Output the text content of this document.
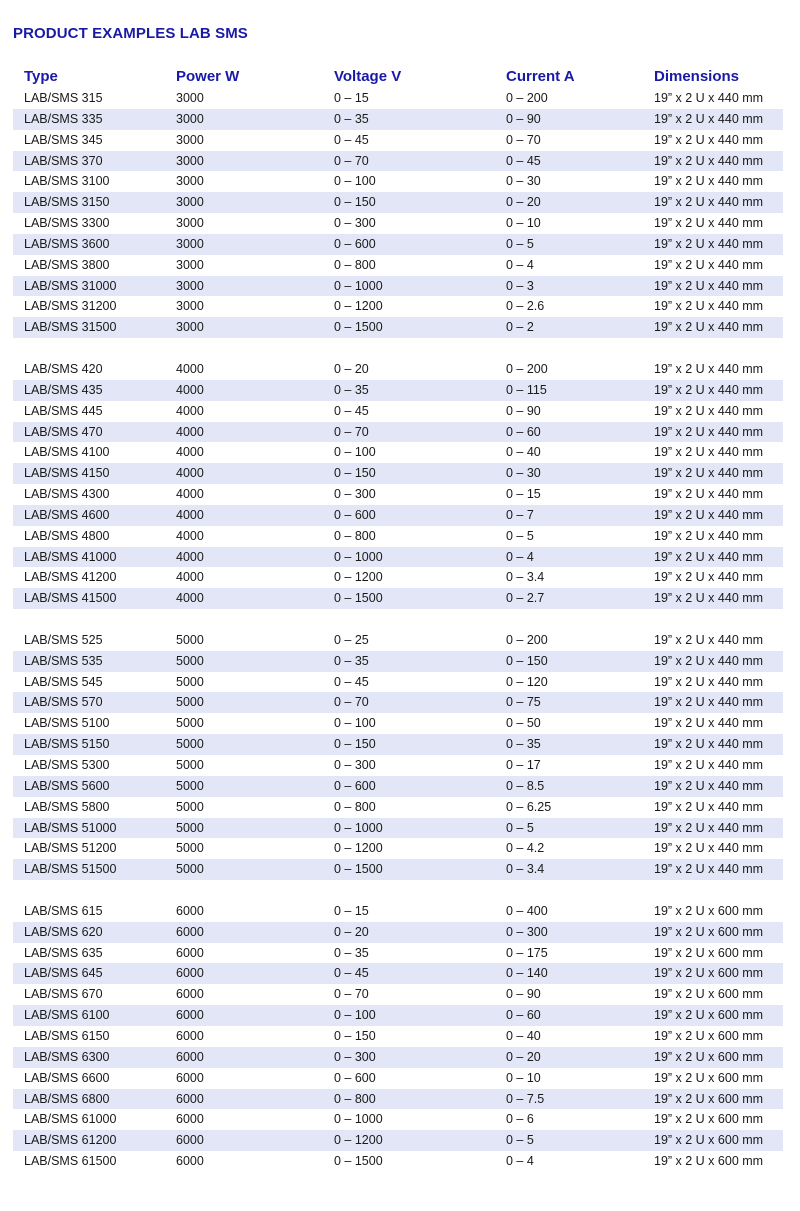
PRODUCT EXAMPLES LAB SMS
Type	Power W	Voltage V	Current A	Dimensions
LAB/SMS 315	3000	0 – 15	0 – 200	19” x 2 U x 440 mm
LAB/SMS 335	3000	0 – 35	0 – 90	19” x 2 U x 440 mm
LAB/SMS 345	3000	0 – 45	0 – 70	19” x 2 U x 440 mm
LAB/SMS 370	3000	0 – 70	0 – 45	19” x 2 U x 440 mm
LAB/SMS 3100	3000	0 – 100	0 – 30	19” x 2 U x 440 mm
LAB/SMS 3150	3000	0 – 150	0 – 20	19” x 2 U x 440 mm
LAB/SMS 3300	3000	0 – 300	0 – 10	19” x 2 U x 440 mm
LAB/SMS 3600	3000	0 – 600	0 – 5	19” x 2 U x 440 mm
LAB/SMS 3800	3000	0 – 800	0 – 4	19” x 2 U x 440 mm
LAB/SMS 31000	3000	0 – 1000	0 – 3	19” x 2 U x 440 mm
LAB/SMS 31200	3000	0 – 1200	0 – 2.6	19” x 2 U x 440 mm
LAB/SMS 31500	3000	0 – 1500	0 – 2	19” x 2 U x 440 mm
LAB/SMS 420	4000	0 – 20	0 – 200	19” x 2 U x 440 mm
LAB/SMS 435	4000	0 – 35	0 – 115	19” x 2 U x 440 mm
LAB/SMS 445	4000	0 – 45	0 – 90	19” x 2 U x 440 mm
LAB/SMS 470	4000	0 – 70	0 – 60	19” x 2 U x 440 mm
LAB/SMS 4100	4000	0 – 100	0 – 40	19” x 2 U x 440 mm
LAB/SMS 4150	4000	0 – 150	0 – 30	19” x 2 U x 440 mm
LAB/SMS 4300	4000	0 – 300	0 – 15	19” x 2 U x 440 mm
LAB/SMS 4600	4000	0 – 600	0 – 7	19” x 2 U x 440 mm
LAB/SMS 4800	4000	0 – 800	0 – 5	19” x 2 U x 440 mm
LAB/SMS 41000	4000	0 – 1000	0 – 4	19” x 2 U x 440 mm
LAB/SMS 41200	4000	0 – 1200	0 – 3.4	19” x 2 U x 440 mm
LAB/SMS 41500	4000	0 – 1500	0 – 2.7	19” x 2 U x 440 mm
LAB/SMS 525	5000	0 – 25	0 – 200	19” x 2 U x 440 mm
LAB/SMS 535	5000	0 – 35	0 – 150	19” x 2 U x 440 mm
LAB/SMS 545	5000	0 – 45	0 – 120	19” x 2 U x 440 mm
LAB/SMS 570	5000	0 – 70	0 – 75	19” x 2 U x 440 mm
LAB/SMS 5100	5000	0 – 100	0 – 50	19” x 2 U x 440 mm
LAB/SMS 5150	5000	0 – 150	0 – 35	19” x 2 U x 440 mm
LAB/SMS 5300	5000	0 – 300	0 – 17	19” x 2 U x 440 mm
LAB/SMS 5600	5000	0 – 600	0 – 8.5	19” x 2 U x 440 mm
LAB/SMS 5800	5000	0 – 800	0 – 6.25	19” x 2 U x 440 mm
LAB/SMS 51000	5000	0 – 1000	0 – 5	19” x 2 U x 440 mm
LAB/SMS 51200	5000	0 – 1200	0 – 4.2	19” x 2 U x 440 mm
LAB/SMS 51500	5000	0 – 1500	0 – 3.4	19” x 2 U x 440 mm
LAB/SMS 615	6000	0 – 15	0 – 400	19” x 2 U x 600 mm
LAB/SMS 620	6000	0 – 20	0 – 300	19” x 2 U x 600 mm
LAB/SMS 635	6000	0 – 35	0 – 175	19” x 2 U x 600 mm
LAB/SMS 645	6000	0 – 45	0 – 140	19” x 2 U x 600 mm
LAB/SMS 670	6000	0 – 70	0 – 90	19” x 2 U x 600 mm
LAB/SMS 6100	6000	0 – 100	0 – 60	19” x 2 U x 600 mm
LAB/SMS 6150	6000	0 – 150	0 – 40	19” x 2 U x 600 mm
LAB/SMS 6300	6000	0 – 300	0 – 20	19” x 2 U x 600 mm
LAB/SMS 6600	6000	0 – 600	0 – 10	19” x 2 U x 600 mm
LAB/SMS 6800	6000	0 – 800	0 – 7.5	19” x 2 U x 600 mm
LAB/SMS 61000	6000	0 – 1000	0 – 6	19” x 2 U x 600 mm
LAB/SMS 61200	6000	0 – 1200	0 – 5	19” x 2 U x 600 mm
LAB/SMS 61500	6000	0 – 1500	0 – 4	19” x 2 U x 600 mm
